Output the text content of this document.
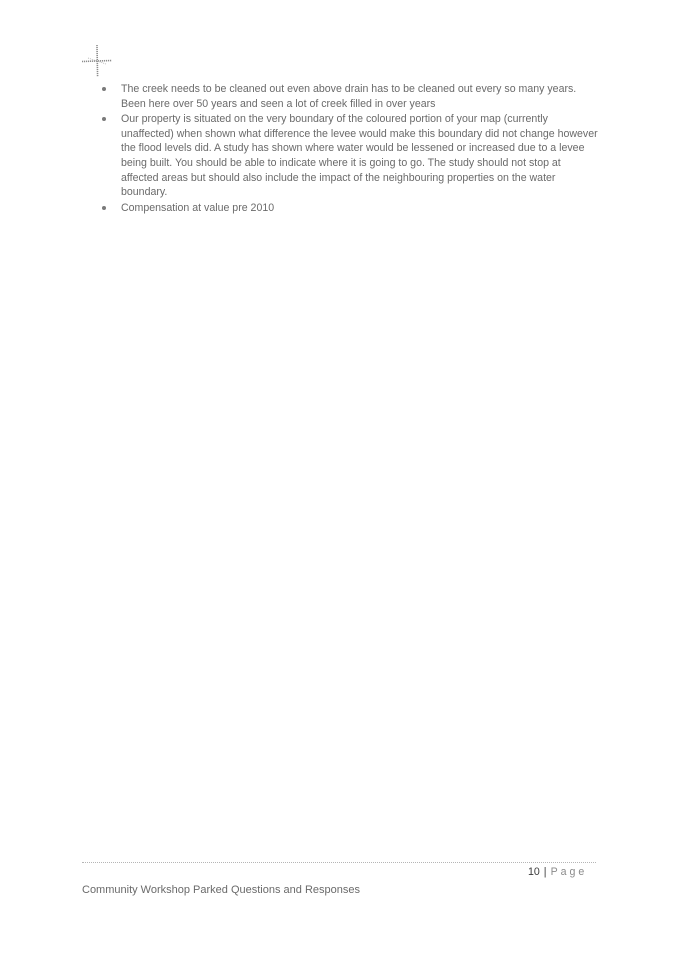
The creek needs to be cleaned out even above drain has to be cleaned out every so many years. Been here over 50 years and seen a lot of creek filled in over years
Our property is situated on the very boundary of the coloured portion of your map (currently unaffected) when shown what difference the levee would make this boundary did not change however the flood levels did. A study has shown where water would be lessened or increased due to a levee being built. You should be able to indicate where it is going to go. The study should not stop at affected areas but should also include the impact of the neighbouring properties on the water boundary.
Compensation at value pre 2010
10 | Page
Community Workshop Parked Questions and Responses
